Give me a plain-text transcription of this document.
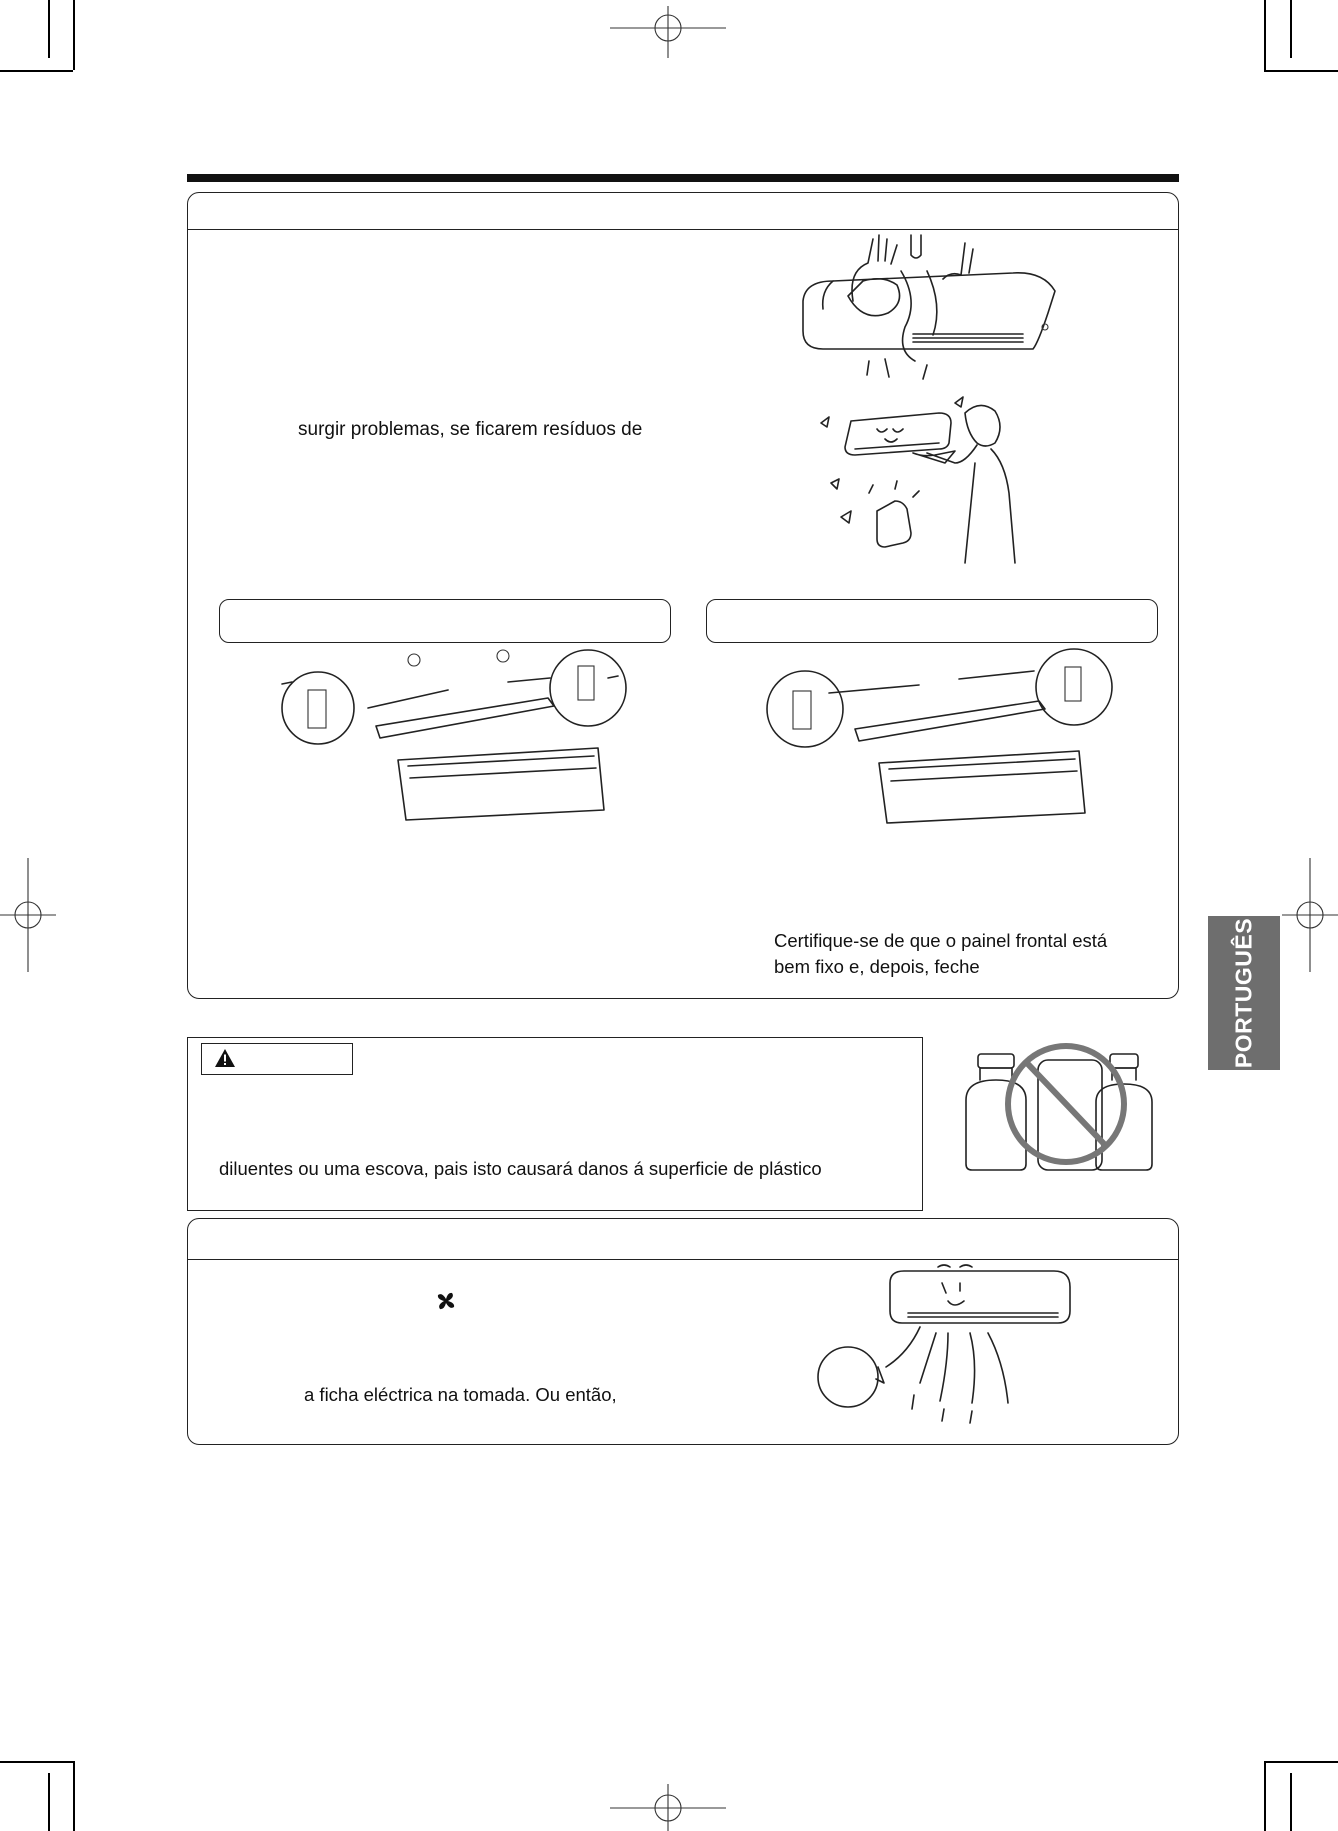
surgir problemas, se ficarem resíduos de
Certifique-se de que o painel frontal está
bem fixo e, depois, feche
diluentes ou uma escova, pais isto causará danos á superficie de plástico
a ficha eléctrica na tomada. Ou então,
PORTUGUÊS
